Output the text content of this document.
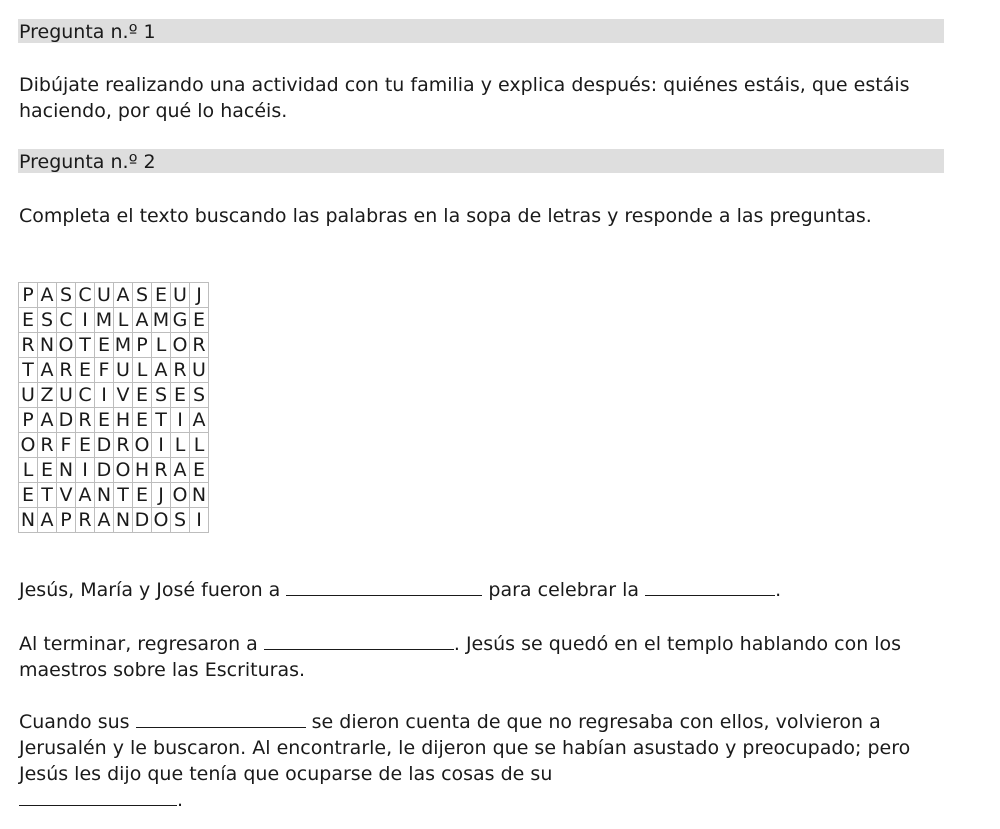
Pregunta n.º 1

Dibújate realizando una actividad con tu familia y explica después: quiénes estáis, que estáis haciendo, por qué lo hacéis.

Pregunta n.º 2

Completa el texto buscando las palabras en la sopa de letras y responde a las preguntas.

P	A	S	C	U	A	S	E	U	J
E	S	C	I	M	L	A	M	G	E
R	N	O	T	E	M	P	L	O	R
T	A	R	E	F	U	L	A	R	U
U	Z	U	C	I	V	E	S	E	S
P	A	D	R	E	H	E	T	I	A
O	R	F	E	D	R	O	I	L	L
L	E	N	I	D	O	H	R	A	E
E	T	V	A	N	T	E	J	O	N
N	A	P	R	A	N	D	O	S	I

Jesús, María y José fueron a	para celebrar la	.

Al terminar, regresaron a	. Jesús se quedó en el templo hablando con los maestros sobre las Escrituras.

Cuando sus	se dieron cuenta de que no regresaba con ellos, volvieron a Jerusalén y le buscaron. Al encontrarle, le dijeron que se habían asustado y preocupado; pero Jesús les dijo que tenía que ocuparse de las cosas de su
.
